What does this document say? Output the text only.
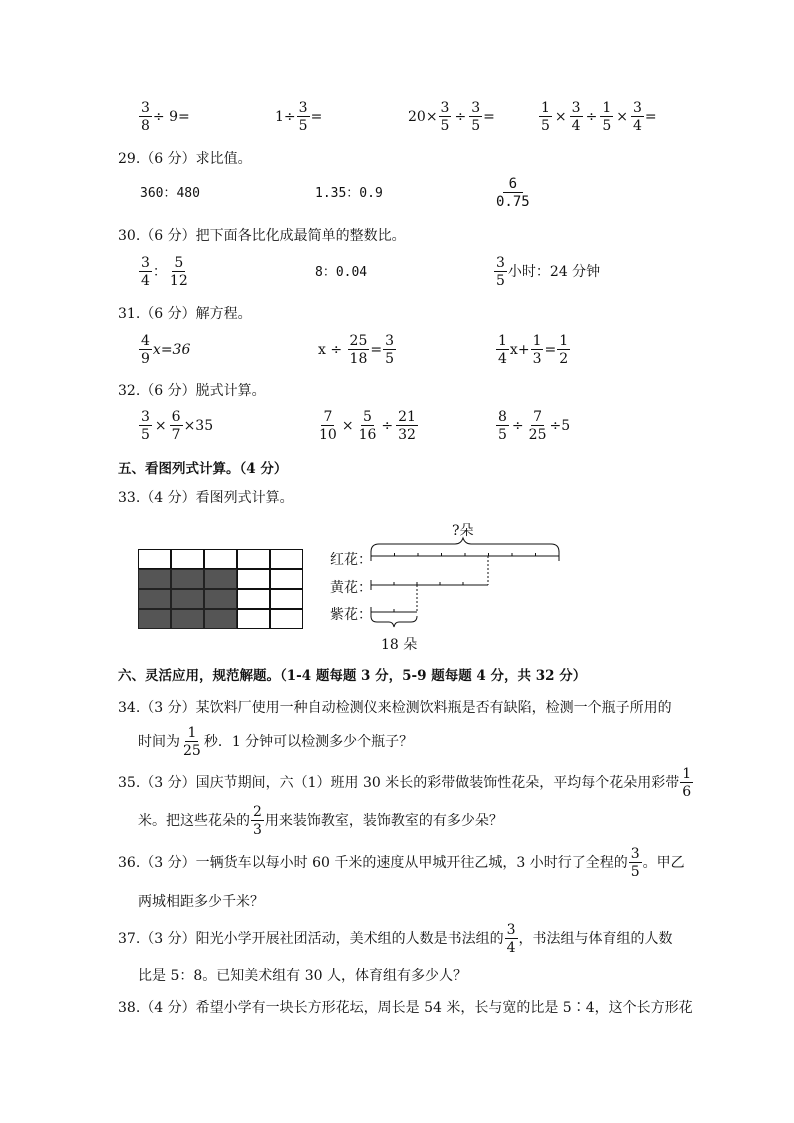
$\frac{3}{8} \div 9=$	$1\div \frac{3}{5}$ =	$20\times \frac{3}{5} \div \frac{3}{5}$ =	$\frac{1}{5} \times \frac{3}{4} \div \frac{1}{5} \times \frac{3}{4}$ =
29.（6 分）求比值。
360：480	1.35：0.9	$\frac{6}{0.75}$
30.（6 分）把下面各比化成最简单的整数比。
$\frac{3}{4}$ ： $\frac{5}{12}$	8：0.04	$\frac{3}{5}$ 小时：24 分钟
31.（6 分）解方程。
$\frac{4}{9} x=36$	$x \div \frac{25}{18} = \frac{3}{5}$	$\frac{1}{4} x+ \frac{1}{3} = \frac{1}{2}$
32.（6 分）脱式计算。
$\frac{3}{5} \times \frac{6}{7} \times 35$	$\frac{7}{10} \times \frac{5}{16} \div \frac{21}{32}$	$\frac{8}{5} \div \frac{7}{25} \div 5$
五、看图列式计算。（4 分）
33.（4 分）看图列式计算。
?朵
红花：
黄花：
紫花：
18 朵
六、灵活应用，规范解题。（1-4 题每题 3 分，5-9 题每题 4 分，共 32 分）
34.（3 分）某饮料厂使用一种自动检测仪来检测饮料瓶是否有缺陷，检测一个瓶子所用的
时间为 $\frac{1}{25}$ 秒．1 分钟可以检测多少个瓶子？
35.（3 分）国庆节期间，六（1）班用 30 米长的彩带做装饰性花朵，平均每个花朵用彩带 $\frac{1}{6}$
米。把这些花朵的 $\frac{2}{3}$ 用来装饰教室，装饰教室的有多少朵？
36.（3 分）一辆货车以每小时 60 千米的速度从甲城开往乙城，3 小时行了全程的 $\frac{3}{5}$ 。甲乙
两城相距多少千米？
37.（3 分）阳光小学开展社团活动，美术组的人数是书法组的 $\frac{3}{4}$ ，书法组与体育组的人数
比是 5：8。已知美术组有 30 人，体育组有多少人？
38.（4 分）希望小学有一块长方形花坛，周长是 54 米，长与宽的比是 5∶4，这个长方形花
